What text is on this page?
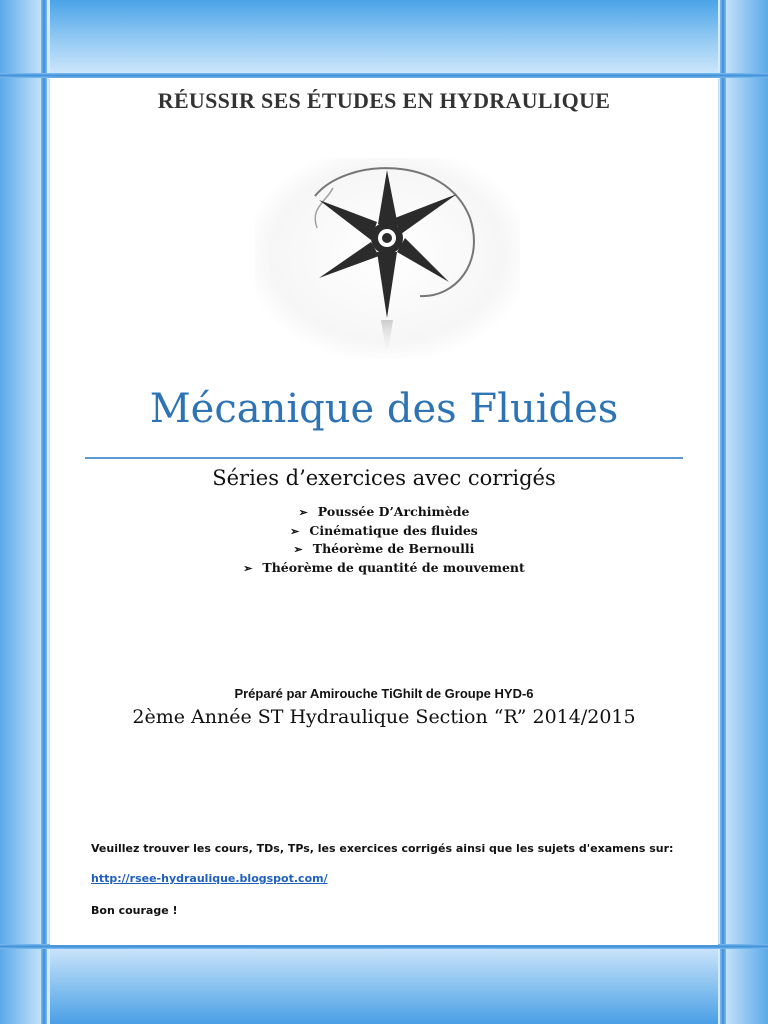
RÉUSSIR SES ÉTUDES EN HYDRAULIQUE
Mécanique des Fluides
Séries d’exercices avec corrigés
➢ Poussée D’Archimède
➢ Cinématique des fluides
➢ Théorème de Bernoulli
➢ Théorème de quantité de mouvement
Préparé par Amirouche TiGhilt de Groupe HYD-6
2ème Année ST Hydraulique Section “R” 2014/2015
Veuillez trouver les cours, TDs, TPs, les exercices corrigés ainsi que les sujets d'examens sur:
http://rsee-hydraulique.blogspot.com/
Bon courage !
